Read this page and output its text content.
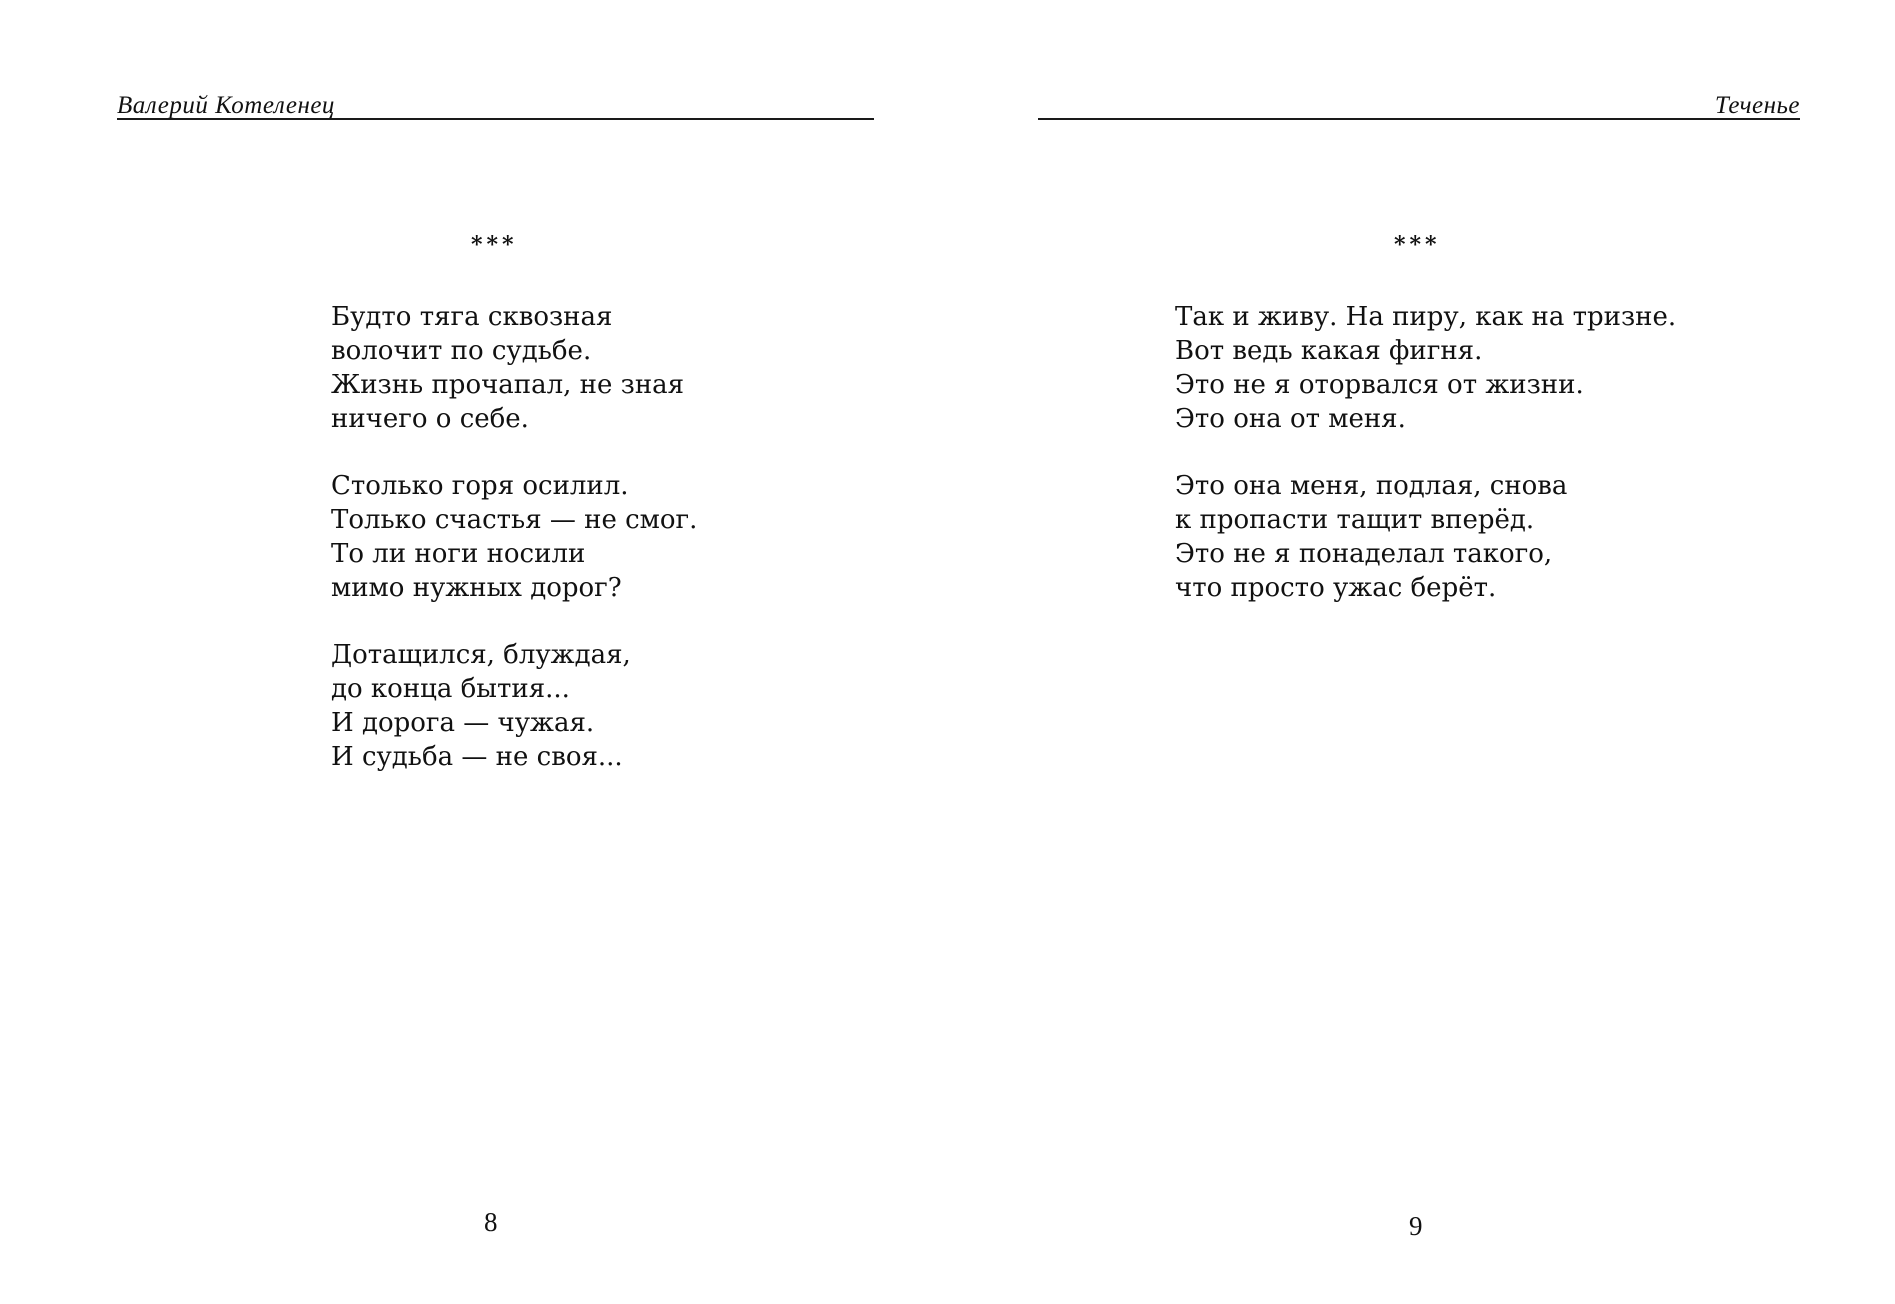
Валерий Котеленец
***
Будто тяга сквозная
волочит по судьбе.
Жизнь прочапал, не зная
ничего о себе.
Столько горя осилил.
Только счастья — не смог.
То ли ноги носили
мимо нужных дорог?
Дотащился, блуждая,
до конца бытия...
И дорога — чужая.
И судьба — не своя...
8
Теченье
***
Так и живу. На пиру, как на тризне.
Вот ведь какая фигня.
Это не я оторвался от жизни.
Это она от меня.
Это она меня, подлая, снова
к пропасти тащит вперёд.
Это не я понаделал такого,
что просто ужас берёт.
9
